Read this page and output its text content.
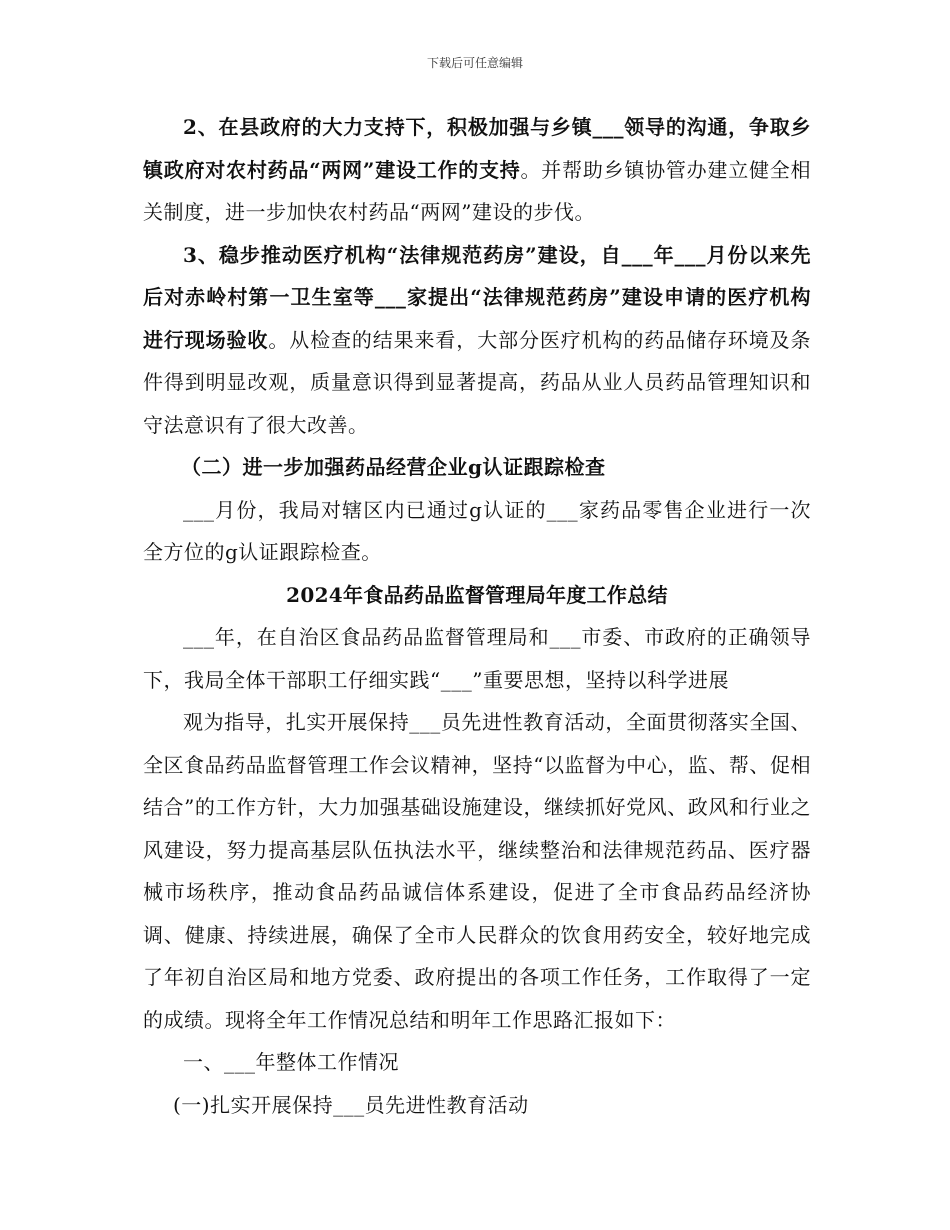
下载后可任意编辑

2、在县政府的大力支持下，积极加强与乡镇___领导的沟通，争取乡镇政府对农村药品“两网”建设工作的支持。并帮助乡镇协管办建立健全相关制度，进一步加快农村药品“两网”建设的步伐。

3、稳步推动医疗机构“法律规范药房”建设，自___年___月份以来先后对赤岭村第一卫生室等___家提出“法律规范药房”建设申请的医疗机构进行现场验收。从检查的结果来看，大部分医疗机构的药品储存环境及条件得到明显改观，质量意识得到显著提高，药品从业人员药品管理知识和守法意识有了很大改善。

（二）进一步加强药品经营企业g认证跟踪检查

___月份，我局对辖区内已通过g认证的___家药品零售企业进行一次全方位的g认证跟踪检查。

2024年食品药品监督管理局年度工作总结

___年，在自治区食品药品监督管理局和___市委、市政府的正确领导下，我局全体干部职工仔细实践“___”重要思想，坚持以科学进展

观为指导，扎实开展保持___员先进性教育活动，全面贯彻落实全国、全区食品药品监督管理工作会议精神，坚持“以监督为中心，监、帮、促相结合”的工作方针，大力加强基础设施建设，继续抓好党风、政风和行业之风建设，努力提高基层队伍执法水平，继续整治和法律规范药品、医疗器械市场秩序，推动食品药品诚信体系建设，促进了全市食品药品经济协调、健康、持续进展，确保了全市人民群众的饮食用药安全，较好地完成了年初自治区局和地方党委、政府提出的各项工作任务，工作取得了一定的成绩。现将全年工作情况总结和明年工作思路汇报如下：

一、___年整体工作情况

(一)扎实开展保持___员先进性教育活动
